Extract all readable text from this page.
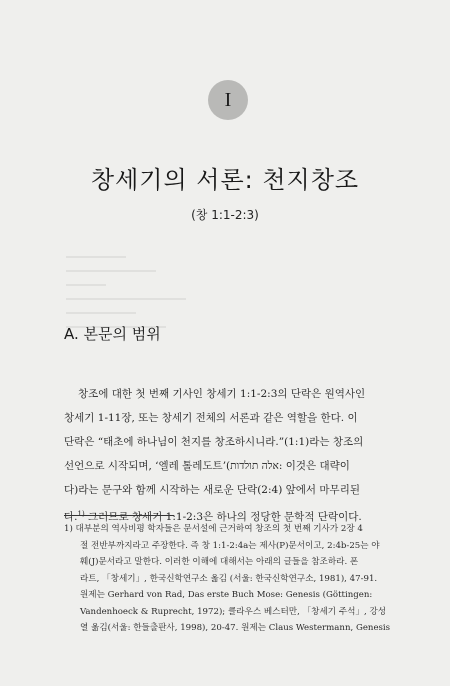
I
창세기의 서론: 천지창조
(창 1:1-2:3)
A. 본문의 범위
창조에 대한 첫 번째 기사인 창세기 1:1-2:3의 단락은 원역사인
창세기 1-11장, 또는 창세기 전체의 서론과 같은 역할을 한다. 이
단락은 “태초에 하나님이 천지를 창조하시니라.”(1:1)라는 창조의
선언으로 시작되며, ‘엘레 톨레도트’(אלה תולדות: 이것은 대략이
다)라는 문구와 함께 시작하는 새로운 단락(2:4) 앞에서 마무리된
다.$^{1)}$ 그러므로 창세기 1:1-2:3은 하나의 정당한 문학적 단락이다.
1) 대부분의 역사비평 학자들은 문서설에 근거하여 창조의 첫 번째 기사가 2장 4
절 전반부까지라고 주장한다. 즉 창 1:1-2:4a는 제사(P)문서이고, 2:4b-25는 야
훼(J)문서라고 말한다. 이러한 이해에 대해서는 아래의 글들을 참조하라. 폰
라트, 「창세기」, 한국신학연구소 옮김 (서울: 한국신학연구소, 1981), 47-91.
원제는 Gerhard von Rad, Das erste Buch Mose: Genesis (Göttingen:
Vandenhoeck & Ruprecht, 1972); 클라우스 베스터만, 「창세기 주석」, 강성
열 옮김(서울: 한들출판사, 1998), 20-47. 원제는 Claus Westermann, Genesis
